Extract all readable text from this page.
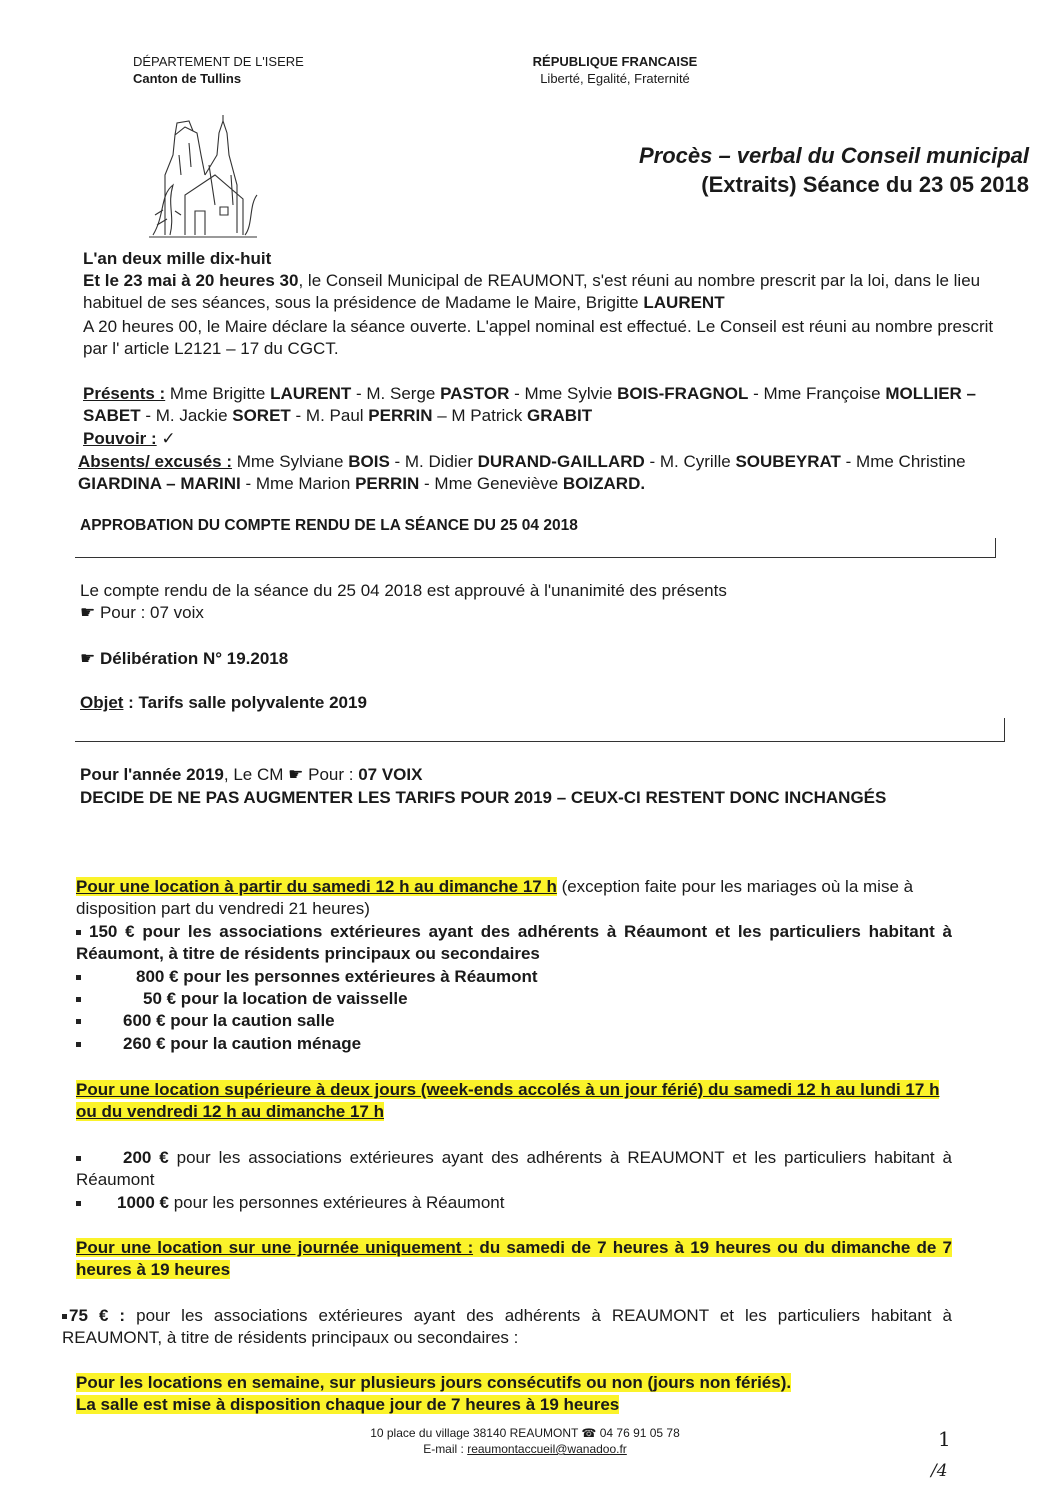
DÉPARTEMENT DE L'ISERE
Canton de Tullins
RÉPUBLIQUE FRANCAISE
Liberté, Egalité, Fraternité
Procès – verbal du Conseil municipal
(Extraits) Séance du 23 05 2018
L'an deux mille dix-huit
Et le 23 mai à 20 heures 30, le Conseil Municipal de REAUMONT, s'est réuni au nombre prescrit par la loi, dans le lieu habituel de ses séances, sous la présidence de Madame le Maire, Brigitte LAURENT
A 20 heures 00, le Maire déclare la séance ouverte. L'appel nominal est effectué. Le Conseil est réuni au nombre prescrit par l' article L2121 – 17 du CGCT.
Présents : Mme Brigitte LAURENT - M. Serge PASTOR - Mme Sylvie BOIS-FRAGNOL - Mme Françoise MOLLIER –SABET - M. Jackie SORET - M. Paul PERRIN – M Patrick GRABIT
Pouvoir : ✓
Absents/ excusés : Mme Sylviane BOIS - M. Didier DURAND-GAILLARD - M. Cyrille SOUBEYRAT - Mme Christine GIARDINA – MARINI - Mme Marion PERRIN - Mme Geneviève BOIZARD.
APPROBATION DU COMPTE RENDU DE LA SÉANCE DU 25 04 2018
Le compte rendu de la séance du 25 04 2018 est approuvé à l'unanimité des présents
☛ Pour : 07 voix
☛ Délibération N° 19.2018
Objet : Tarifs salle polyvalente 2019
Pour l'année 2019, Le CM ☛ Pour : 07 VOIX
DECIDE DE NE PAS AUGMENTER LES TARIFS POUR 2019 – CEUX-CI RESTENT DONC INCHANGÉS
Pour une location à partir du samedi 12 h au dimanche 17 h (exception faite pour les mariages où la mise à disposition part du vendredi 21 heures)
150 € pour les associations extérieures ayant des adhérents à Réaumont et les particuliers habitant à Réaumont, à titre de résidents principaux ou secondaires
800 € pour les personnes extérieures à Réaumont
50 € pour la location de vaisselle
600 € pour la caution salle
260 € pour la caution ménage
Pour une location supérieure à deux jours (week-ends accolés à un jour férié) du samedi 12 h au lundi 17 h ou du vendredi 12 h au dimanche 17 h
200 € pour les associations extérieures ayant des adhérents à REAUMONT et les particuliers habitant à Réaumont
1000 € pour les personnes extérieures à Réaumont
Pour une location sur une journée uniquement : du samedi de 7 heures à 19 heures ou du dimanche de 7 heures à 19 heures
75 € : pour les associations extérieures ayant des adhérents à REAUMONT et les particuliers habitant à REAUMONT, à titre de résidents principaux ou secondaires :
Pour les locations en semaine, sur plusieurs jours consécutifs ou non (jours non fériés).
La salle est mise à disposition chaque jour de 7 heures à 19 heures
10 place du village 38140 REAUMONT ☎ 04 76 91 05 78
E-mail : reaumontaccueil@wanadoo.fr	1
/4
